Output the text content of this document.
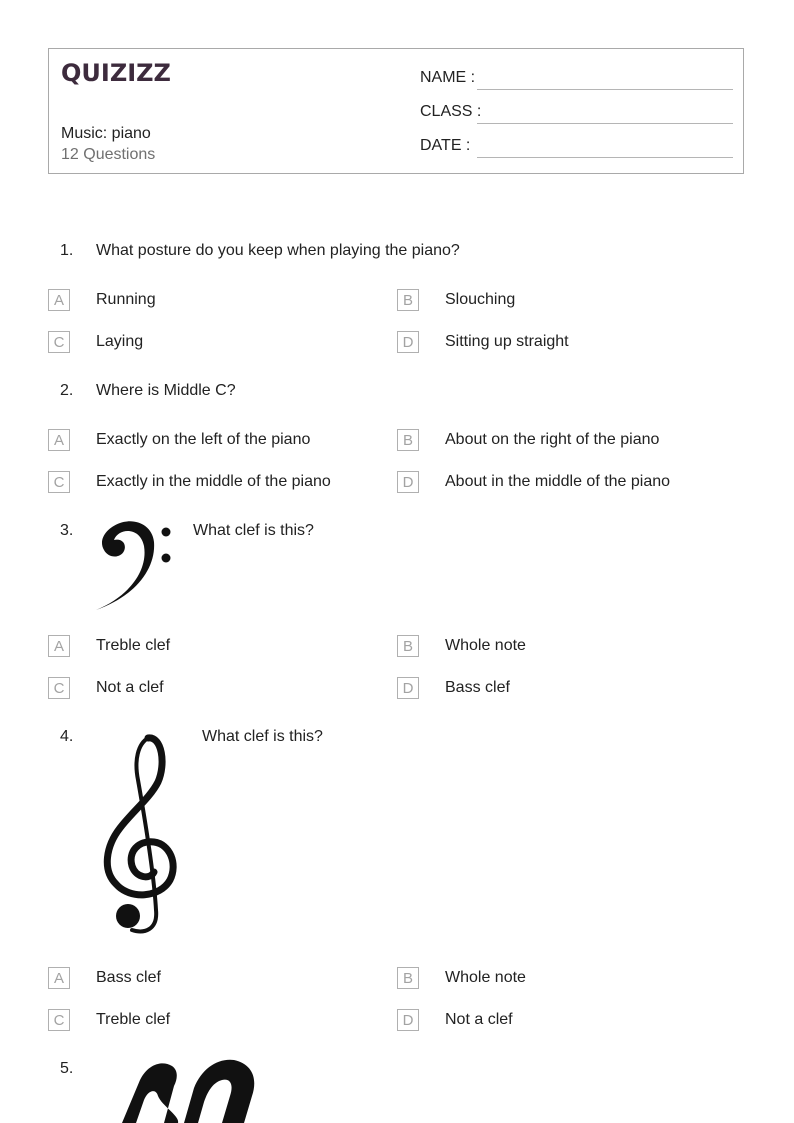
QUIZIZZ
Music: piano
12 Questions
NAME :
CLASS :
DATE :
1. What posture do you keep when playing the piano?
A	Running	B	Slouching
C	Laying	D	Sitting up straight
2. Where is Middle C?
A	Exactly on the left of the piano	B	About on the right of the piano
C	Exactly in the middle of the piano	D	About in the middle of the piano
3.	What clef is this?
A	Treble clef	B	Whole note
C	Not a clef	D	Bass clef
4.	What clef is this?
A	Bass clef	B	Whole note
C	Treble clef	D	Not a clef
5.
